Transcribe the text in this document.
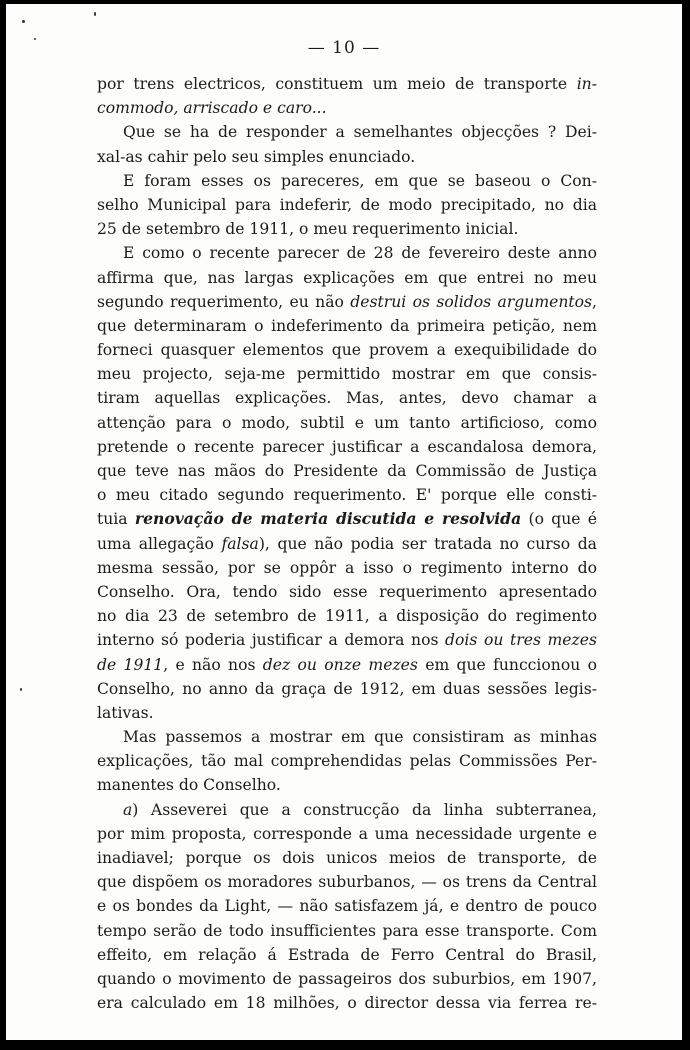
— 10 —
por trens electricos, constituem um meio de transporte in-
commodo, arriscado e caro...
Que se ha de responder a semelhantes objecções ? Dei-
xal-as cahir pelo seu simples enunciado.
E foram esses os pareceres, em que se baseou o Con-
selho Municipal para indeferir, de modo precipitado, no dia
25 de setembro de 1911, o meu requerimento inicial.
E como o recente parecer de 28 de fevereiro deste anno
affirma que, nas largas explicações em que entrei no meu
segundo requerimento, eu não destrui os solidos argumentos,
que determinaram o indeferimento da primeira petição, nem
forneci quasquer elementos que provem a exequibilidade do
meu projecto, seja-me permittido mostrar em que consis-
tiram aquellas explicações. Mas, antes, devo chamar a
attenção para o modo, subtil e um tanto artificioso, como
pretende o recente parecer justificar a escandalosa demora,
que teve nas mãos do Presidente da Commissão de Justiça
o meu citado segundo requerimento. E' porque elle consti-
tuia renovação de materia discutida e resolvida (o que é
uma allegação falsa), que não podia ser tratada no curso da
mesma sessão, por se oppôr a isso o regimento interno do
Conselho. Ora, tendo sido esse requerimento apresentado
no dia 23 de setembro de 1911, a disposição do regimento
interno só poderia justificar a demora nos dois ou tres mezes
de 1911, e não nos dez ou onze mezes em que funccionou o
Conselho, no anno da graça de 1912, em duas sessões legis-
lativas.
Mas passemos a mostrar em que consistiram as minhas
explicações, tão mal comprehendidas pelas Commissões Per-
manentes do Conselho.
a) Asseverei que a construcção da linha subterranea,
por mim proposta, corresponde a uma necessidade urgente e
inadiavel; porque os dois unicos meios de transporte, de
que dispõem os moradores suburbanos, — os trens da Central
e os bondes da Light, — não satisfazem já, e dentro de pouco
tempo serão de todo insufficientes para esse transporte. Com
effeito, em relação á Estrada de Ferro Central do Brasil,
quando o movimento de passageiros dos suburbios, em 1907,
era calculado em 18 milhões, o director dessa via ferrea re-
